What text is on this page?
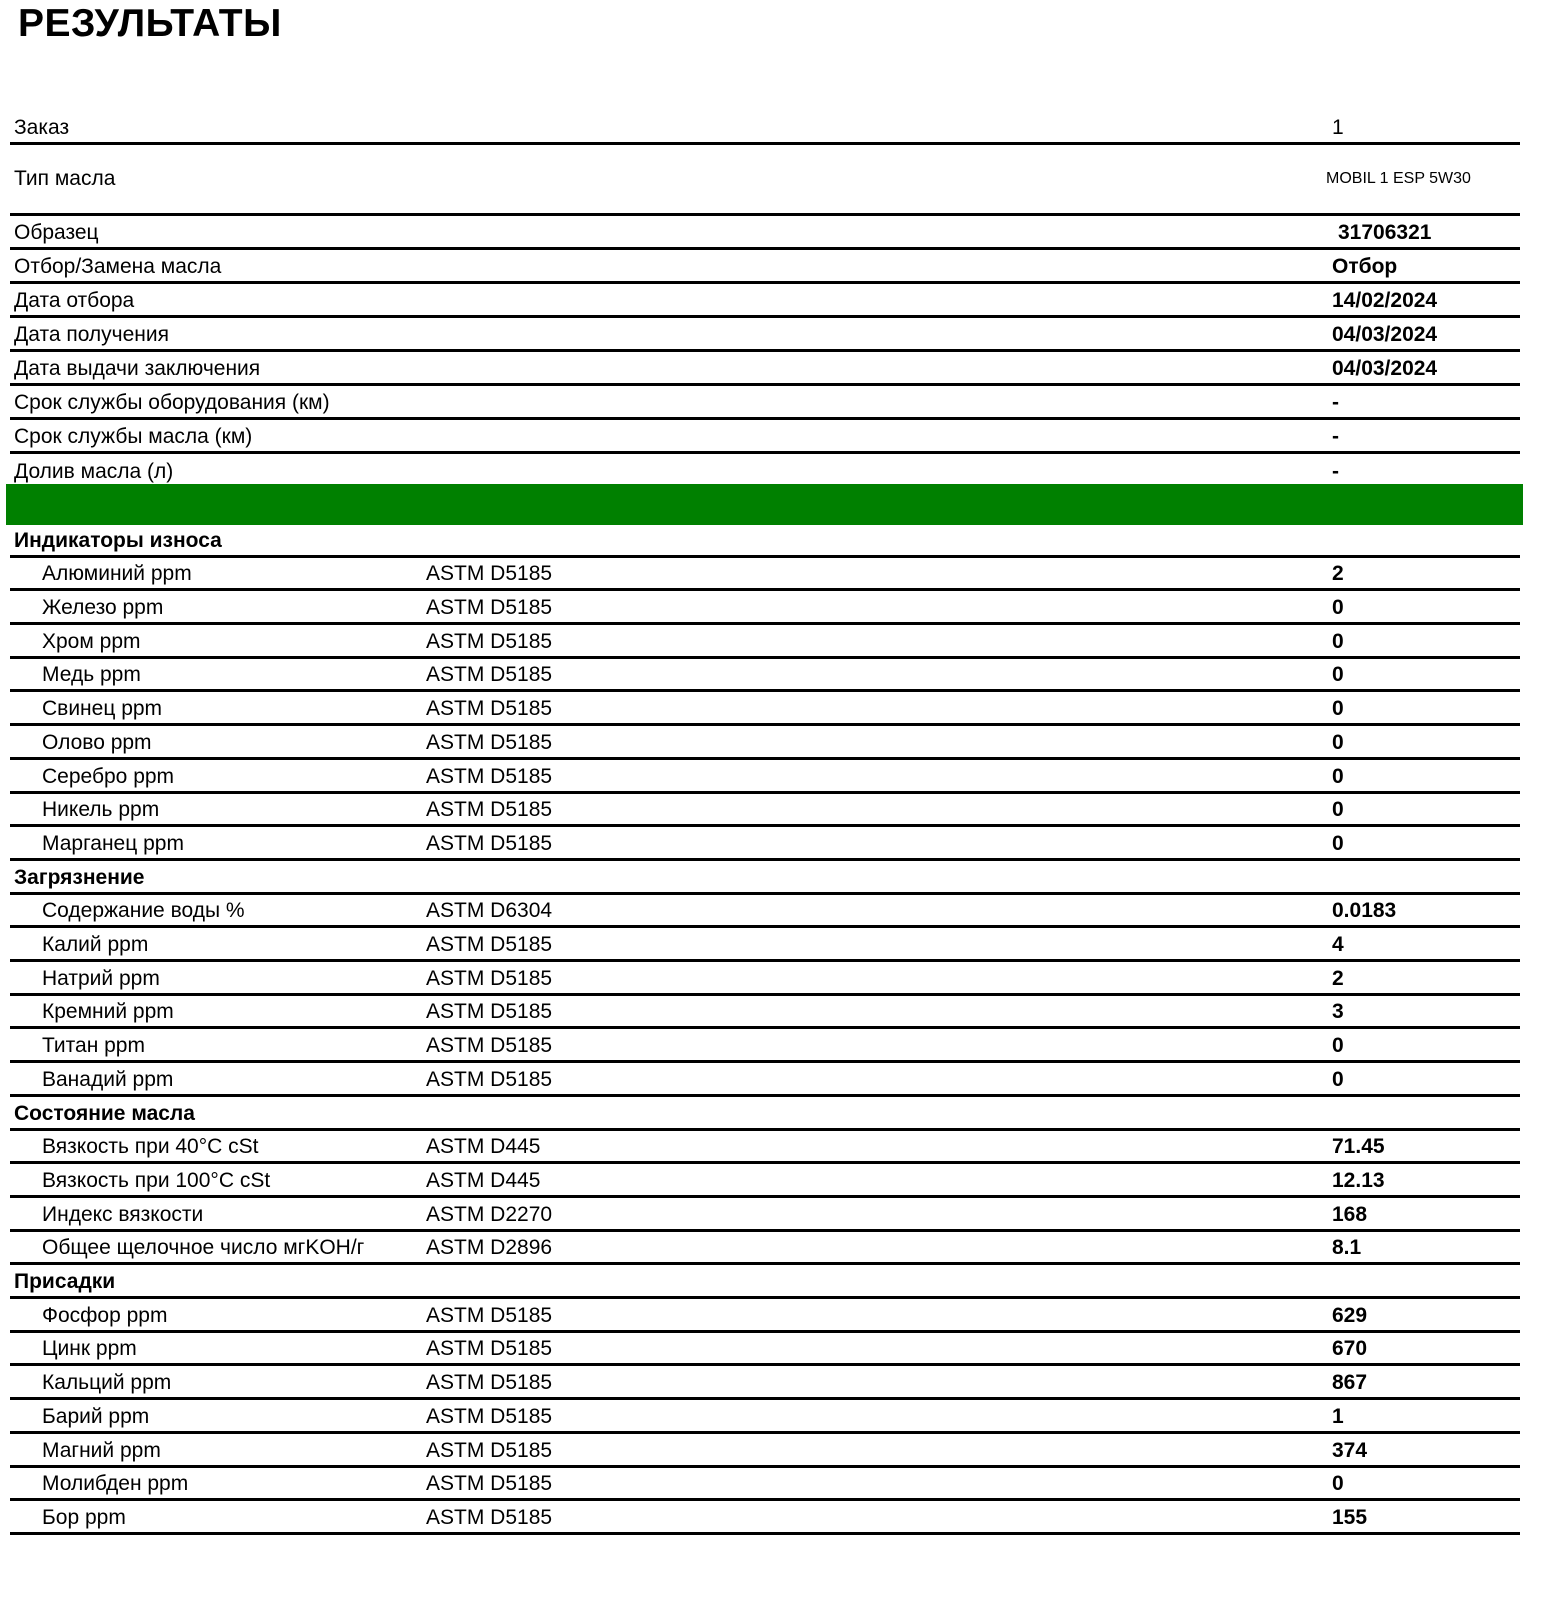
РЕЗУЛЬТАТЫ
Заказ	1
Тип масла	MOBIL 1 ESP 5W30
Образец	31706321
Отбор/Замена масла	Отбор
Дата отбора	14/02/2024
Дата получения	04/03/2024
Дата выдачи заключения	04/03/2024
Срок службы оборудования (км)	-
Срок службы масла (км)	-
Долив масла (л)	-
Индикаторы износа
Алюминий ppm	ASTM D5185	2
Железо ppm	ASTM D5185	0
Хром ppm	ASTM D5185	0
Медь ppm	ASTM D5185	0
Свинец ppm	ASTM D5185	0
Олово ppm	ASTM D5185	0
Серебро ppm	ASTM D5185	0
Никель ppm	ASTM D5185	0
Марганец ppm	ASTM D5185	0
Загрязнение
Содержание воды %	ASTM D6304	0.0183
Калий ppm	ASTM D5185	4
Натрий ppm	ASTM D5185	2
Кремний ppm	ASTM D5185	3
Титан ppm	ASTM D5185	0
Ванадий ppm	ASTM D5185	0
Состояние масла
Вязкость при 40°C cSt	ASTM D445	71.45
Вязкость при 100°C cSt	ASTM D445	12.13
Индекс вязкости	ASTM D2270	168
Общее щелочное число мгKOH/г	ASTM D2896	8.1
Присадки
Фосфор ppm	ASTM D5185	629
Цинк ppm	ASTM D5185	670
Кальций ppm	ASTM D5185	867
Барий ppm	ASTM D5185	1
Магний ppm	ASTM D5185	374
Молибден ppm	ASTM D5185	0
Бор ppm	ASTM D5185	155
